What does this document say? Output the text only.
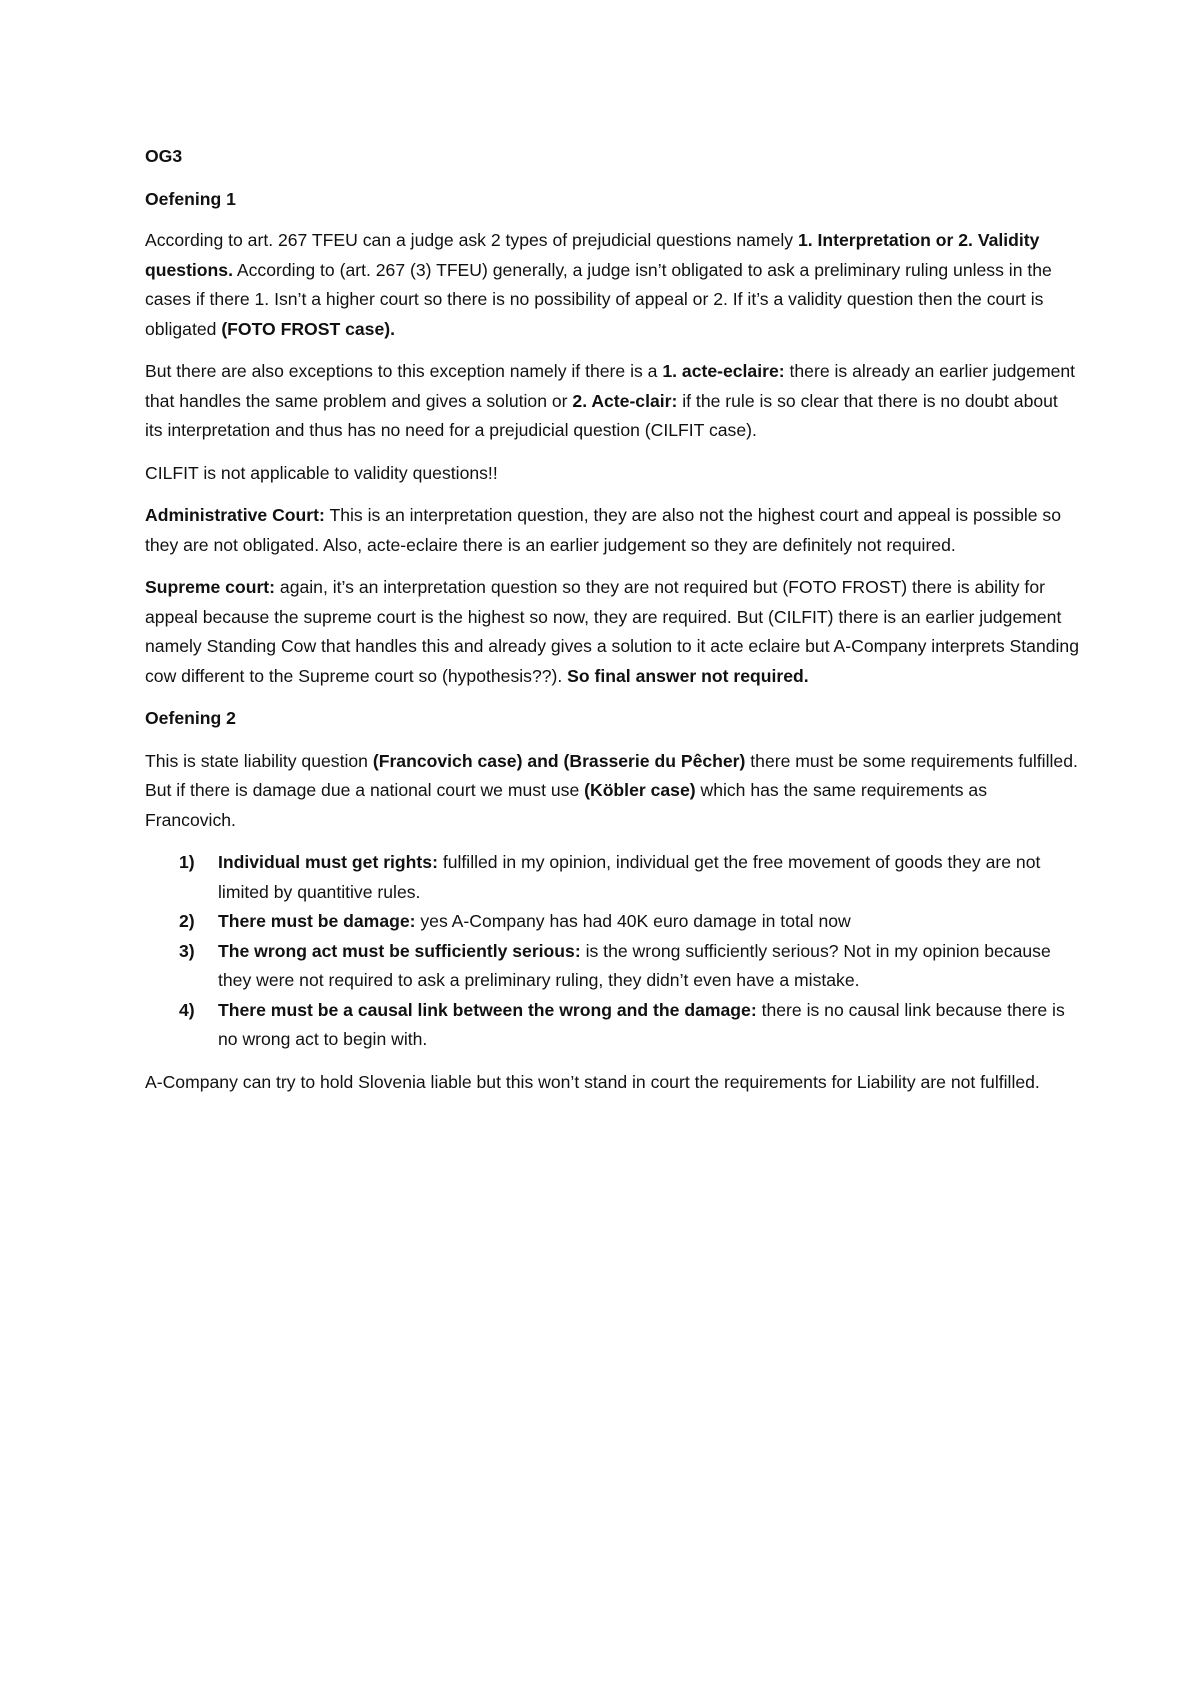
OG3

Oefening 1

According to art. 267 TFEU can a judge ask 2 types of prejudicial questions namely 1. Interpretation or 2. Validity questions. According to (art. 267 (3) TFEU) generally, a judge isn’t obligated to ask a preliminary ruling unless in the cases if there 1. Isn’t a higher court so there is no possibility of appeal or 2. If it’s a validity question then the court is obligated (FOTO FROST case).

But there are also exceptions to this exception namely if there is a 1. acte-eclaire: there is already an earlier judgement that handles the same problem and gives a solution or 2. Acte-clair: if the rule is so clear that there is no doubt about its interpretation and thus has no need for a prejudicial question (CILFIT case).

CILFIT is not applicable to validity questions!!

Administrative Court: This is an interpretation question, they are also not the highest court and appeal is possible so they are not obligated. Also, acte-eclaire there is an earlier judgement so they are definitely not required.

Supreme court: again, it’s an interpretation question so they are not required but (FOTO FROST) there is ability for appeal because the supreme court is the highest so now, they are required. But (CILFIT) there is an earlier judgement namely Standing Cow that handles this and already gives a solution to it acte eclaire but A-Company interprets Standing cow different to the Supreme court so (hypothesis??). So final answer not required.

Oefening 2

This is state liability question (Francovich case) and (Brasserie du Pêcher) there must be some requirements fulfilled. But if there is damage due a national court we must use (Köbler case) which has the same requirements as Francovich.

1) Individual must get rights: fulfilled in my opinion, individual get the free movement of goods they are not limited by quantitive rules.
2) There must be damage: yes A-Company has had 40K euro damage in total now
3) The wrong act must be sufficiently serious: is the wrong sufficiently serious? Not in my opinion because they were not required to ask a preliminary ruling, they didn’t even have a mistake.
4) There must be a causal link between the wrong and the damage: there is no causal link because there is no wrong act to begin with.

A-Company can try to hold Slovenia liable but this won’t stand in court the requirements for Liability are not fulfilled.
